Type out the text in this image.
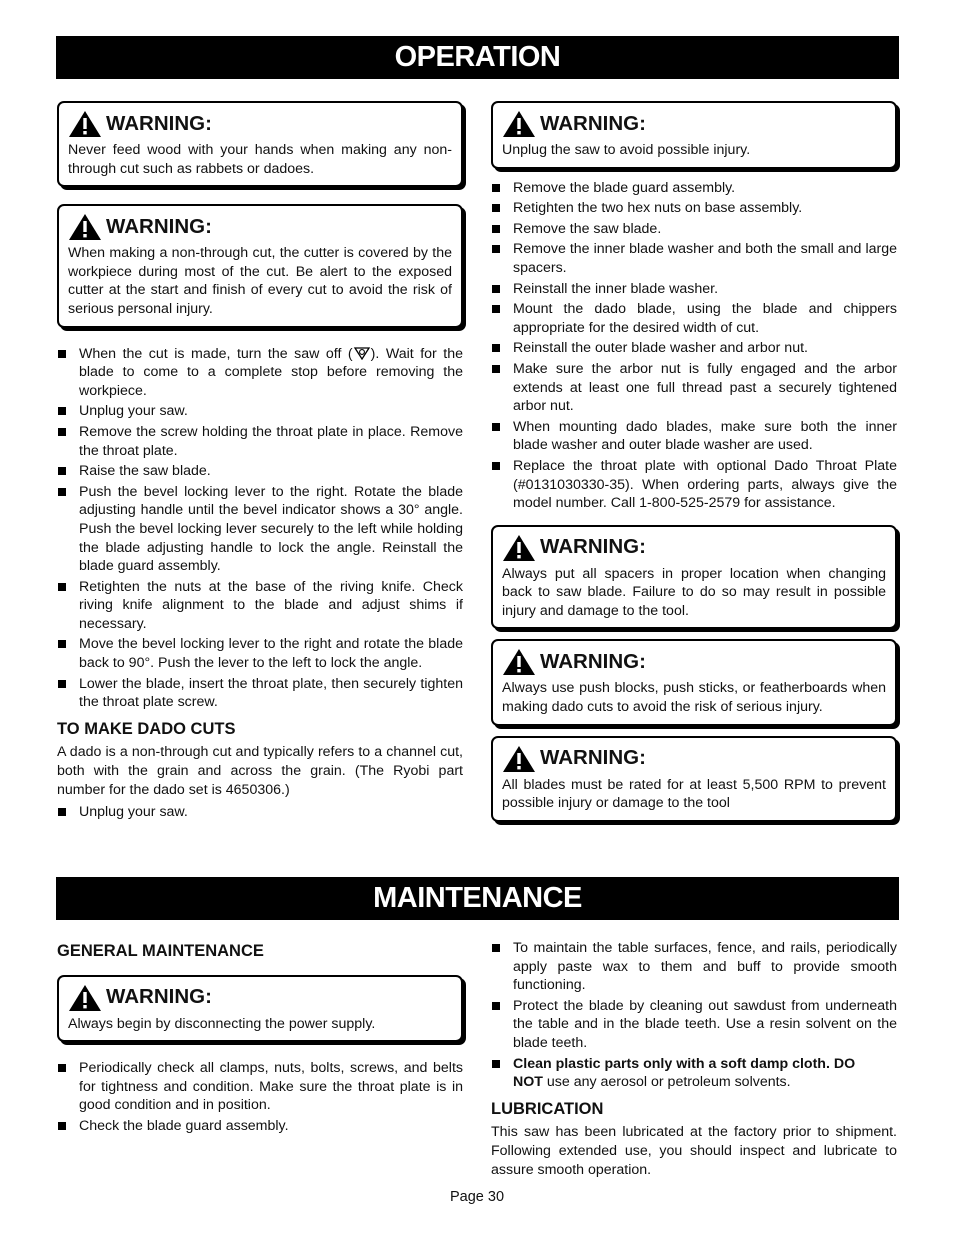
OPERATION
WARNING:
Never feed wood with your hands when making any non-through cut such as rabbets or dadoes.
WARNING:
When making a non-through cut, the cutter is covered by the workpiece during most of the cut. Be alert to the exposed cutter at the start and finish of every cut to avoid the risk of serious personal injury.
When the cut is made, turn the saw off ( ). Wait for the blade to come to a complete stop before removing the workpiece.
Unplug your saw.
Remove the screw holding the throat plate in place. Remove the throat plate.
Raise the saw blade.
Push the bevel locking lever to the right. Rotate the blade adjusting handle until the bevel indicator shows a 30° angle. Push the bevel locking lever securely to the left while holding the blade adjusting handle to lock the angle. Reinstall the blade guard assembly.
Retighten the nuts at the base of the riving knife. Check riving knife alignment to the blade and adjust shims if necessary.
Move the bevel locking lever to the right and rotate the blade back to 90°. Push the lever to the left to lock the angle.
Lower the blade, insert the throat plate, then securely tighten the throat plate screw.
TO MAKE DADO CUTS

A dado is a non-through cut and typically refers to a channel cut, both with the grain and across the grain. (The Ryobi part number for the dado set is 4650306.)

Unplug your saw.
WARNING:
Unplug the saw to avoid possible injury.
Remove the blade guard assembly.
Retighten the two hex nuts on base assembly.
Remove the saw blade.
Remove the inner blade washer and both the small and large spacers.
Reinstall the inner blade washer.
Mount the dado blade, using the blade and chippers appropriate for the desired width of cut.
Reinstall the outer blade washer and arbor nut.
Make sure the arbor nut is fully engaged and the arbor extends at least one full thread past a securely tightened arbor nut.
When mounting dado blades, make sure both the inner blade washer and outer blade washer are used.
Replace the throat plate with optional Dado Throat Plate (#0131030330-35). When ordering parts, always give the model number. Call 1-800-525-2579 for assistance.
WARNING:
Always put all spacers in proper location when changing back to saw blade. Failure to do so may result in possible injury and damage to the tool.
WARNING:
Always use push blocks, push sticks, or featherboards when making dado cuts to avoid the risk of serious injury.
WARNING:
All blades must be rated for at least 5,500 RPM to prevent possible injury or damage to the tool
MAINTENANCE
GENERAL MAINTENANCE
WARNING:
Always begin by disconnecting the power supply.
Periodically check all clamps, nuts, bolts, screws, and belts for tightness and condition. Make sure the throat plate is in good condition and in position.
Check the blade guard assembly.
To maintain the table surfaces, fence, and rails, periodically apply paste wax to them and buff to provide smooth functioning.
Protect the blade by cleaning out sawdust from underneath the table and in the blade teeth. Use a resin solvent on the blade teeth.
Clean plastic parts only with a soft damp cloth. DO
NOT use any aerosol or petroleum solvents.
LUBRICATION

This saw has been lubricated at the factory prior to shipment. Following extended use, you should inspect and lubricate to assure smooth operation.

Page 30
